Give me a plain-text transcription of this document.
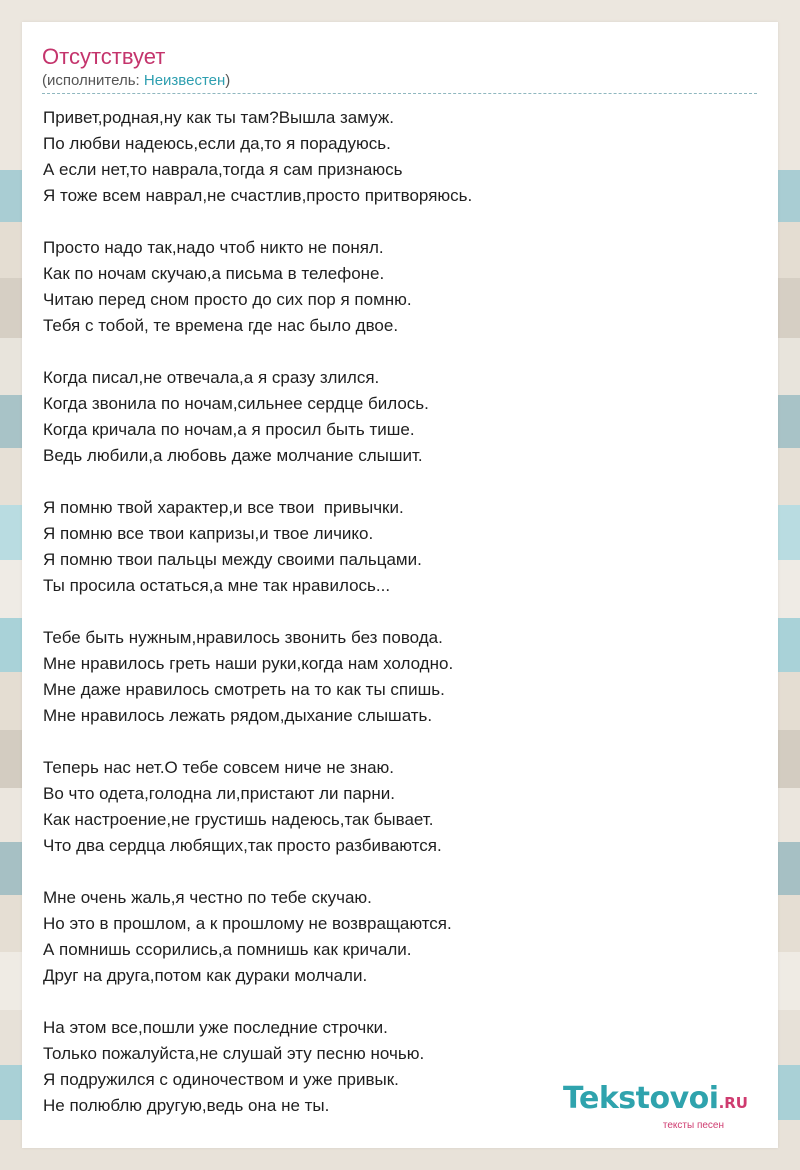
Отсутствует
(исполнитель: Неизвестен)
Привет,родная,ну как ты там?Вышла замуж.
По любви надеюсь,если да,то я порадуюсь.
А если нет,то наврала,тогда я сам признаюсь
Я тоже всем наврал,не счастлив,просто притворяюсь.
Просто надо так,надо чтоб никто не понял.
Как по ночам скучаю,а письма в телефоне.
Читаю перед сном просто до сих пор я помню.
Тебя с тобой, те времена где нас было двое.
Когда писал,не отвечала,а я сразу злился.
Когда звонила по ночам,сильнее сердце билось.
Когда кричала по ночам,а я просил быть тише.
Ведь любили,а любовь даже молчание слышит.
Я помню твой характер,и все твои  привычки.
Я помню все твои капризы,и твое личико.
Я помню твои пальцы между своими пальцами.
Ты просила остаться,а мне так нравилось...
Тебе быть нужным,нравилось звонить без повода.
Мне нравилось греть наши руки,когда нам холодно.
Мне даже нравилось смотреть на то как ты спишь.
Мне нравилось лежать рядом,дыхание слышать.
Теперь нас нет.О тебе совсем ниче не знаю.
Во что одета,голодна ли,пристают ли парни.
Как настроение,не грустишь надеюсь,так бывает.
Что два сердца любящих,так просто разбиваются.
Мне очень жаль,я честно по тебе скучаю.
Но это в прошлом, а к прошлому не возвращаются.
А помнишь ссорились,а помнишь как кричали.
Друг на друга,потом как дураки молчали.
На этом все,пошли уже последние строчки.
Только пожалуйста,не слушай эту песню ночью.
Я подружился с одиночеством и уже привык.
Не полюблю другую,ведь она не ты.	Tekstovoi.RU
тексты песен
